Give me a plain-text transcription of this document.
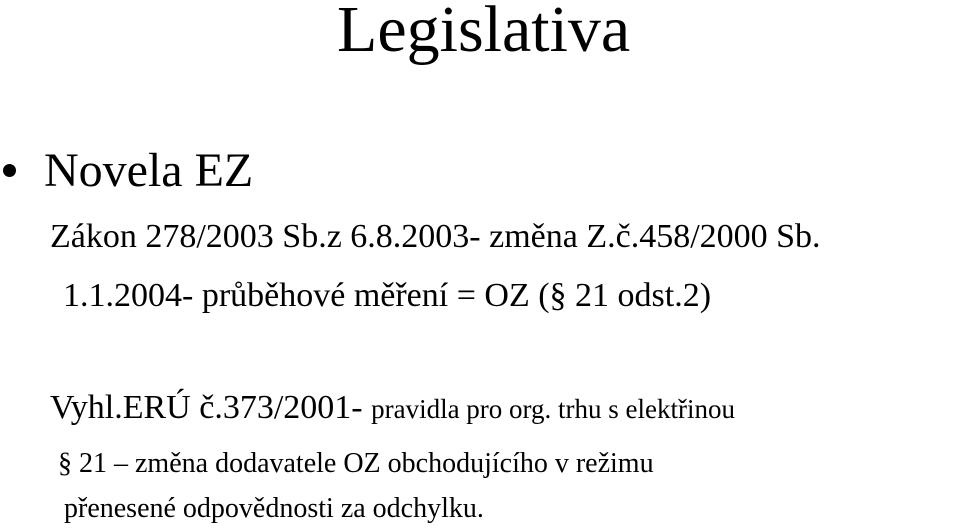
Legislativa
Novela EZ
Zákon 278/2003 Sb.z 6.8.2003- změna Z.č.458/2000 Sb.
1.1.2004- průběhové měření = OZ (§ 21 odst.2)
Vyhl.ERÚ č.373/2001- pravidla pro org. trhu s elektřinou
§ 21 – změna dodavatele OZ obchodujícího v režimu
přenesené odpovědnosti za odchylku.
